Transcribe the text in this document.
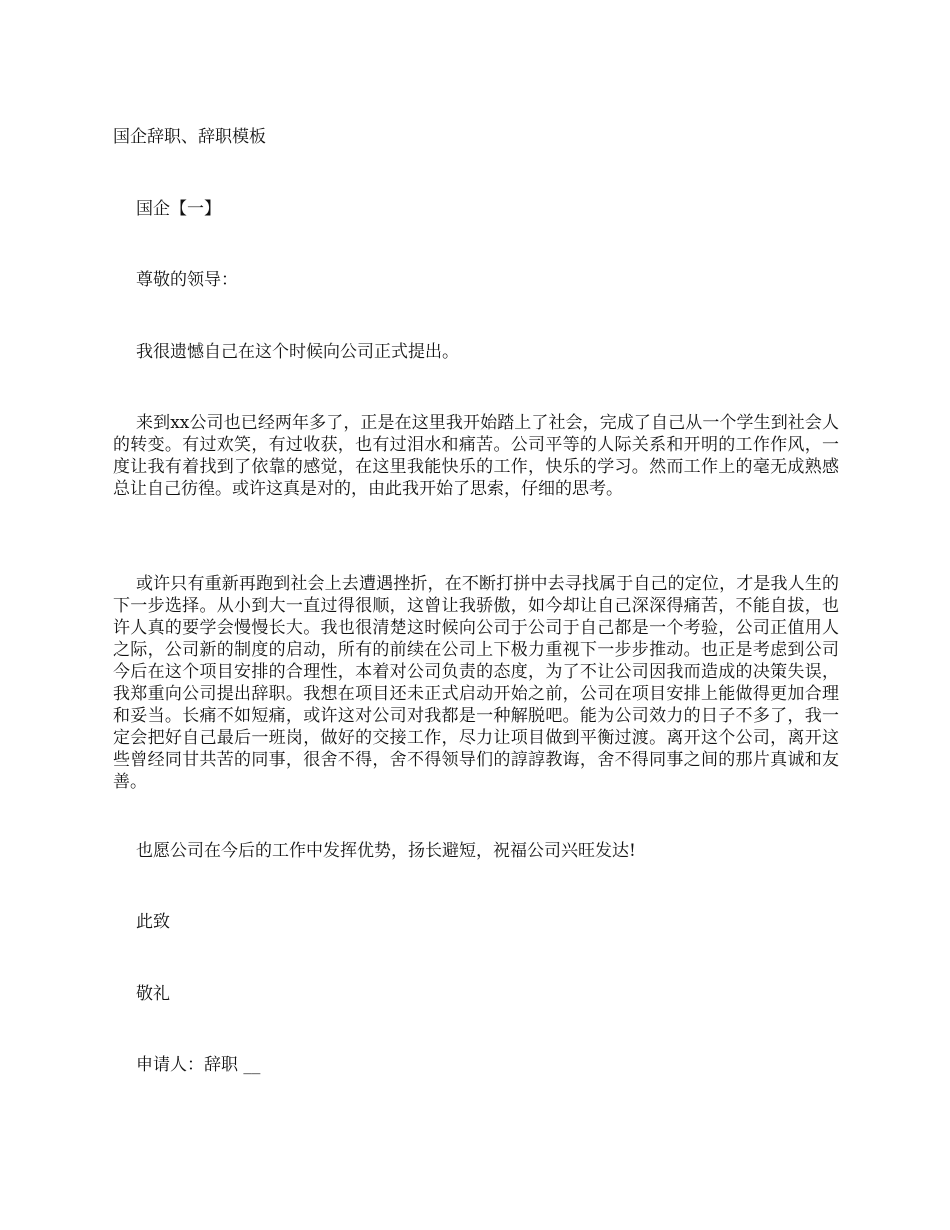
国企辞职、辞职模板

国企【一】

尊敬的领导：

我很遗憾自己在这个时候向公司正式提出。

来到xx公司也已经两年多了，正是在这里我开始踏上了社会，完成了自己从一个学生到社会人的转变。有过欢笑，有过收获，也有过泪水和痛苦。公司平等的人际关系和开明的工作作风，一度让我有着找到了依靠的感觉，在这里我能快乐的工作，快乐的学习。然而工作上的毫无成熟感总让自己彷徨。或许这真是对的，由此我开始了思索，仔细的思考。

或许只有重新再跑到社会上去遭遇挫折，在不断打拼中去寻找属于自己的定位，才是我人生的下一步选择。从小到大一直过得很顺，这曾让我骄傲，如今却让自己深深得痛苦，不能自拔，也许人真的要学会慢慢长大。我也很清楚这时候向公司于公司于自己都是一个考验，公司正值用人之际，公司新的制度的启动，所有的前续在公司上下极力重视下一步步推动。也正是考虑到公司今后在这个项目安排的合理性，本着对公司负责的态度，为了不让公司因我而造成的决策失误，我郑重向公司提出辞职。我想在项目还未正式启动开始之前，公司在项目安排上能做得更加合理和妥当。长痛不如短痛，或许这对公司对我都是一种解脱吧。能为公司效力的日子不多了，我一定会把好自己最后一班岗，做好的交接工作，尽力让项目做到平衡过渡。离开这个公司，离开这些曾经同甘共苦的同事，很舍不得，舍不得领导们的諄諄教诲，舍不得同事之间的那片真诚和友善。

也愿公司在今后的工作中发挥优势，扬长避短，祝福公司兴旺发达!

此致

敬礼

申请人：辞职 __
